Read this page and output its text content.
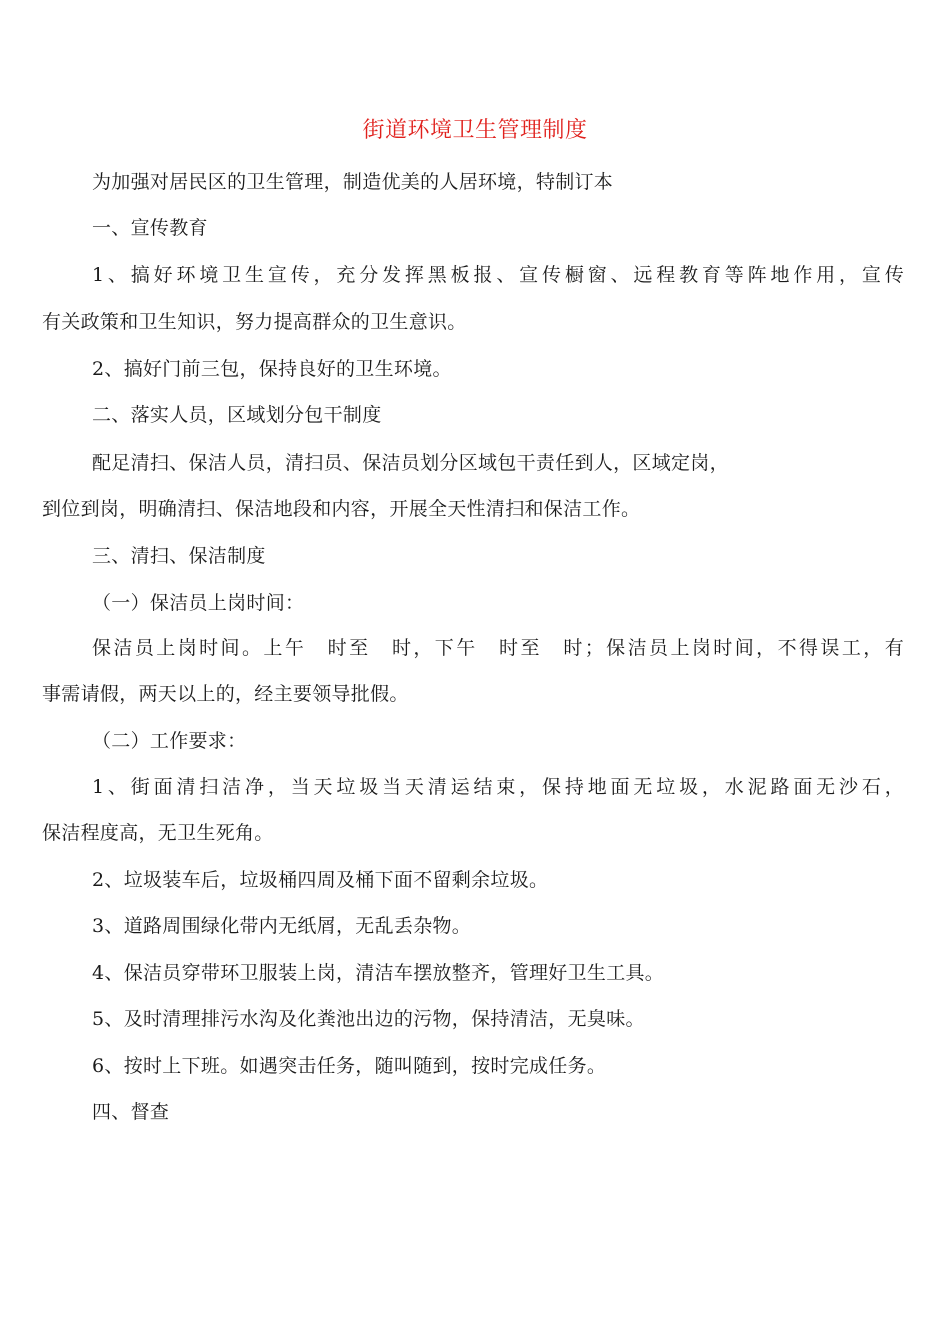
街道环境卫生管理制度
为加强对居民区的卫生管理，制造优美的人居环境，特制订本
一、宣传教育
1、搞好环境卫生宣传，充分发挥黑板报、宣传橱窗、远程教育等阵地作用，宣传
有关政策和卫生知识，努力提高群众的卫生意识。
2、搞好门前三包，保持良好的卫生环境。
二、落实人员，区域划分包干制度
配足清扫、保洁人员，清扫员、保洁员划分区域包干责任到人，区域定岗，
到位到岗，明确清扫、保洁地段和内容，开展全天性清扫和保洁工作。
三、清扫、保洁制度
（一）保洁员上岗时间：
保洁员上岗时间。上午　时至　时，下午　时至　时；保洁员上岗时间，不得误工，有
事需请假，两天以上的，经主要领导批假。
（二）工作要求：
1、街面清扫洁净，当天垃圾当天清运结束，保持地面无垃圾，水泥路面无沙石，
保洁程度高，无卫生死角。
2、垃圾装车后，垃圾桶四周及桶下面不留剩余垃圾。
3、道路周围绿化带内无纸屑，无乱丢杂物。
4、保洁员穿带环卫服装上岗，清洁车摆放整齐，管理好卫生工具。
5、及时清理排污水沟及化粪池出边的污物，保持清洁，无臭味。
6、按时上下班。如遇突击任务，随叫随到，按时完成任务。
四、督查
